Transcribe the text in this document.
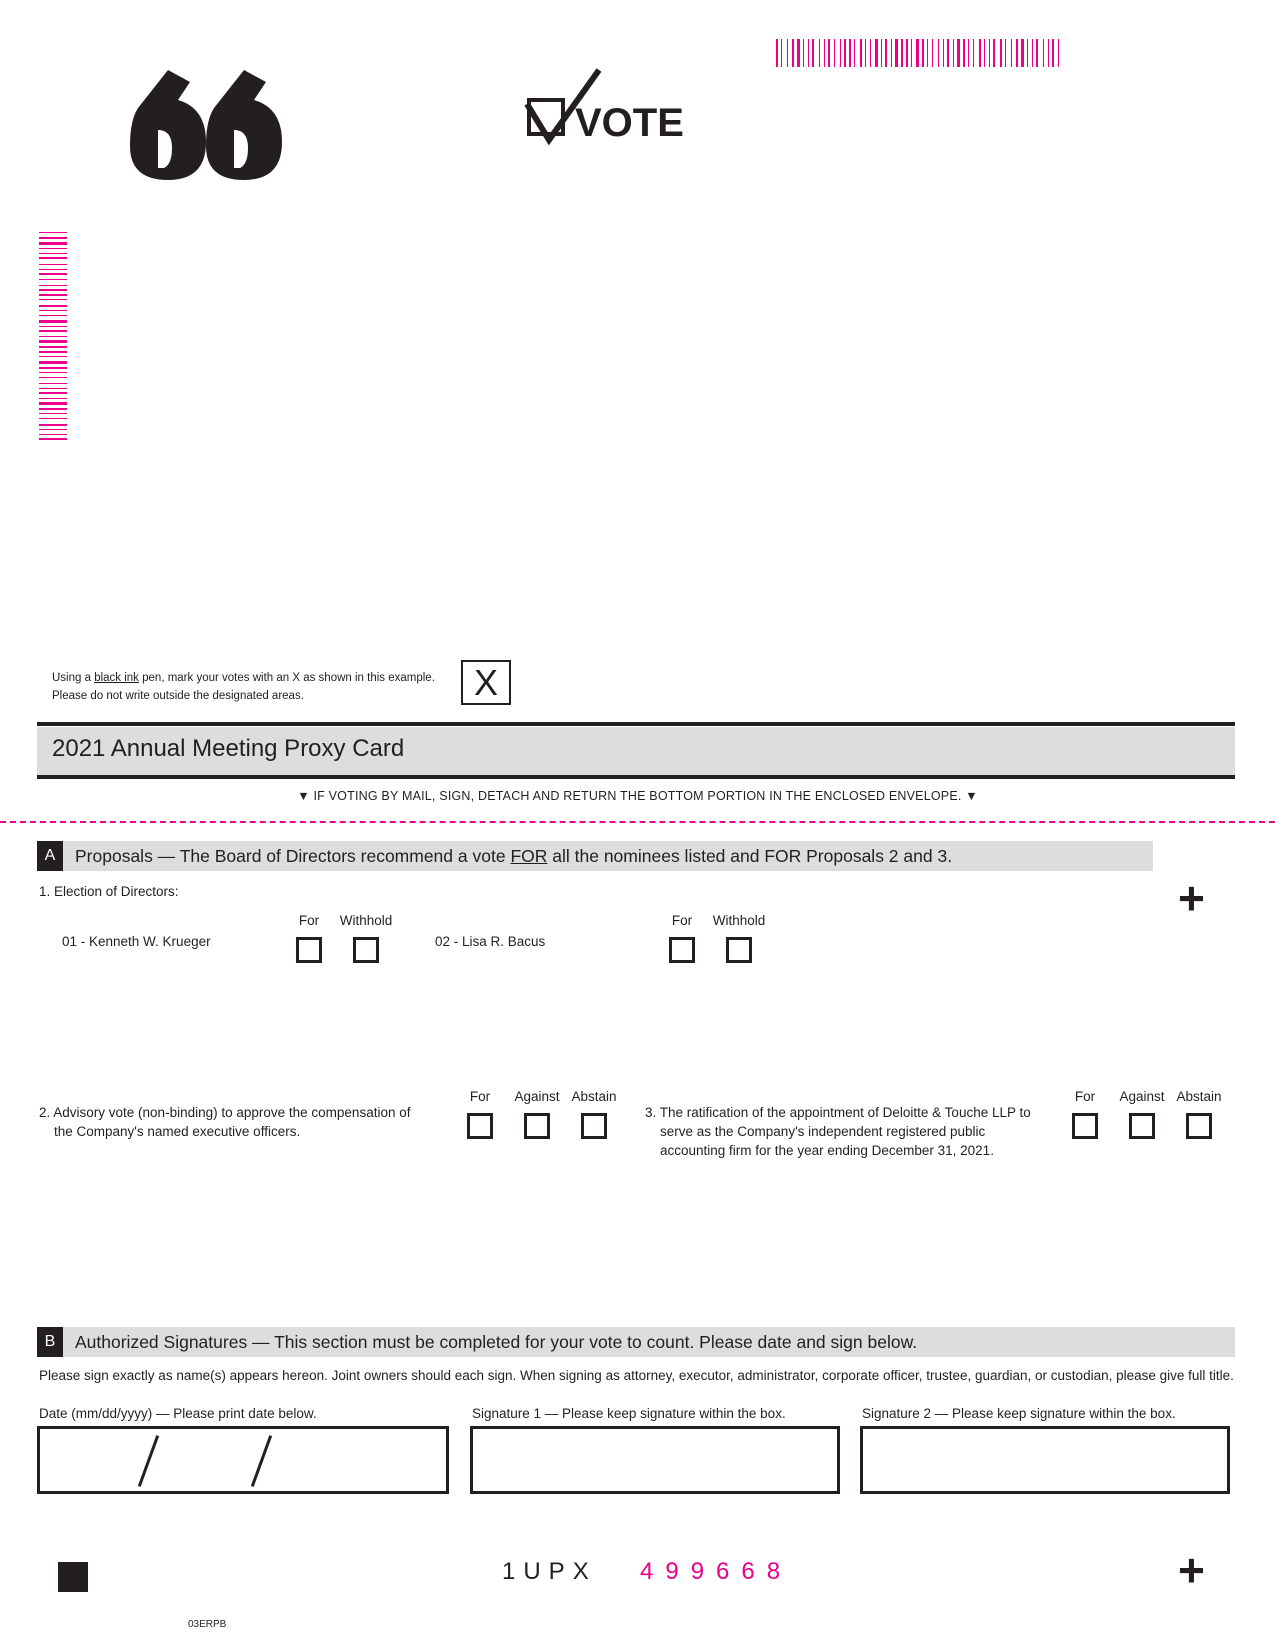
VOTE
Using a black ink pen, mark your votes with an X as shown in this example.
Please do not write outside the designated areas.	X
2021 Annual Meeting Proxy Card
▼ IF VOTING BY MAIL, SIGN, DETACH AND RETURN THE BOTTOM PORTION IN THE ENCLOSED ENVELOPE. ▼
A	Proposals — The Board of Directors recommend a vote FOR all the nominees listed and FOR Proposals 2 and 3.
1. Election of Directors:	+
01 - Kenneth W. Krueger
For	Withhold
02 - Lisa R. Bacus
For	Withhold
2. Advisory vote (non-binding) to approve the compensation of
the Company's named executive officers.
For	Against Abstain
3. The ratification of the appointment of Deloitte & Touche LLP to
serve as the Company's independent registered public
accounting firm for the year ending December 31, 2021.
For	Against Abstain
B	Authorized Signatures — This section must be completed for your vote to count. Please date and sign below.
Please sign exactly as name(s) appears hereon. Joint owners should each sign. When signing as attorney, executor, administrator, corporate officer, trustee, guardian, or custodian, please give full title.
Date (mm/dd/yyyy) — Please print date below.	Signature 1 — Please keep signature within the box.	Signature 2 — Please keep signature within the box.
1UPX 499668	+
03ERPB
